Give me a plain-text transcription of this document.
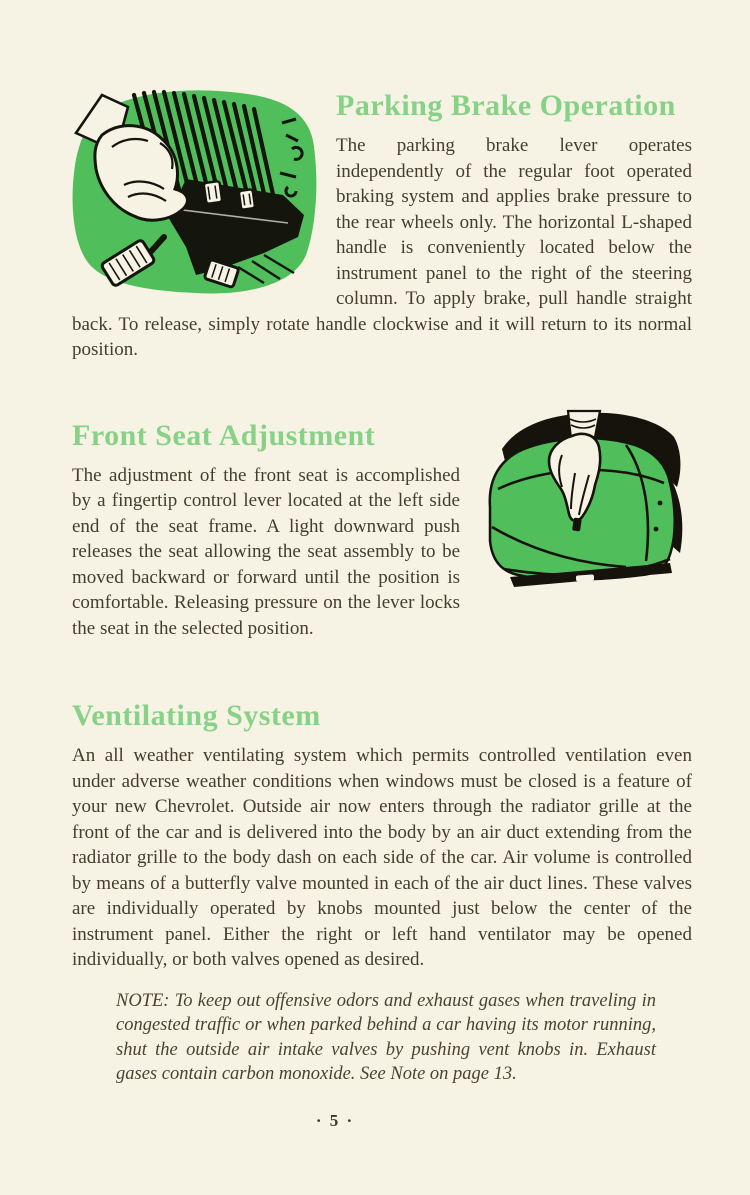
Parking Brake Operation

The parking brake lever operates independently of the regular foot operated braking system and applies brake pressure to the rear wheels only. The horizontal L-shaped handle is conveniently located below the instrument panel to the right of the steering column. To apply brake, pull handle straight back. To release, simply rotate handle clockwise and it will return to its normal position.

Front Seat Adjustment

The adjustment of the front seat is accomplished by a fingertip control lever located at the left side end of the seat frame. A light downward push releases the seat allowing the seat assembly to be moved backward or forward until the position is comfortable. Releasing pressure on the lever locks the seat in the selected position.

Ventilating System

An all weather ventilating system which permits controlled ventilation even under adverse weather conditions when windows must be closed is a feature of your new Chevrolet. Outside air now enters through the radiator grille at the front of the car and is delivered into the body by an air duct extending from the radiator grille to the body dash on each side of the car. Air volume is controlled by means of a butterfly valve mounted in each of the air duct lines. These valves are individually operated by knobs mounted just below the center of the instrument panel. Either the right or left hand ventilator may be opened individually, or both valves opened as desired.

NOTE: To keep out offensive odors and exhaust gases when traveling in congested traffic or when parked behind a car having its motor running, shut the outside air intake valves by pushing vent knobs in. Exhaust gases contain carbon monoxide. See Note on page 13.

· 5 ·
